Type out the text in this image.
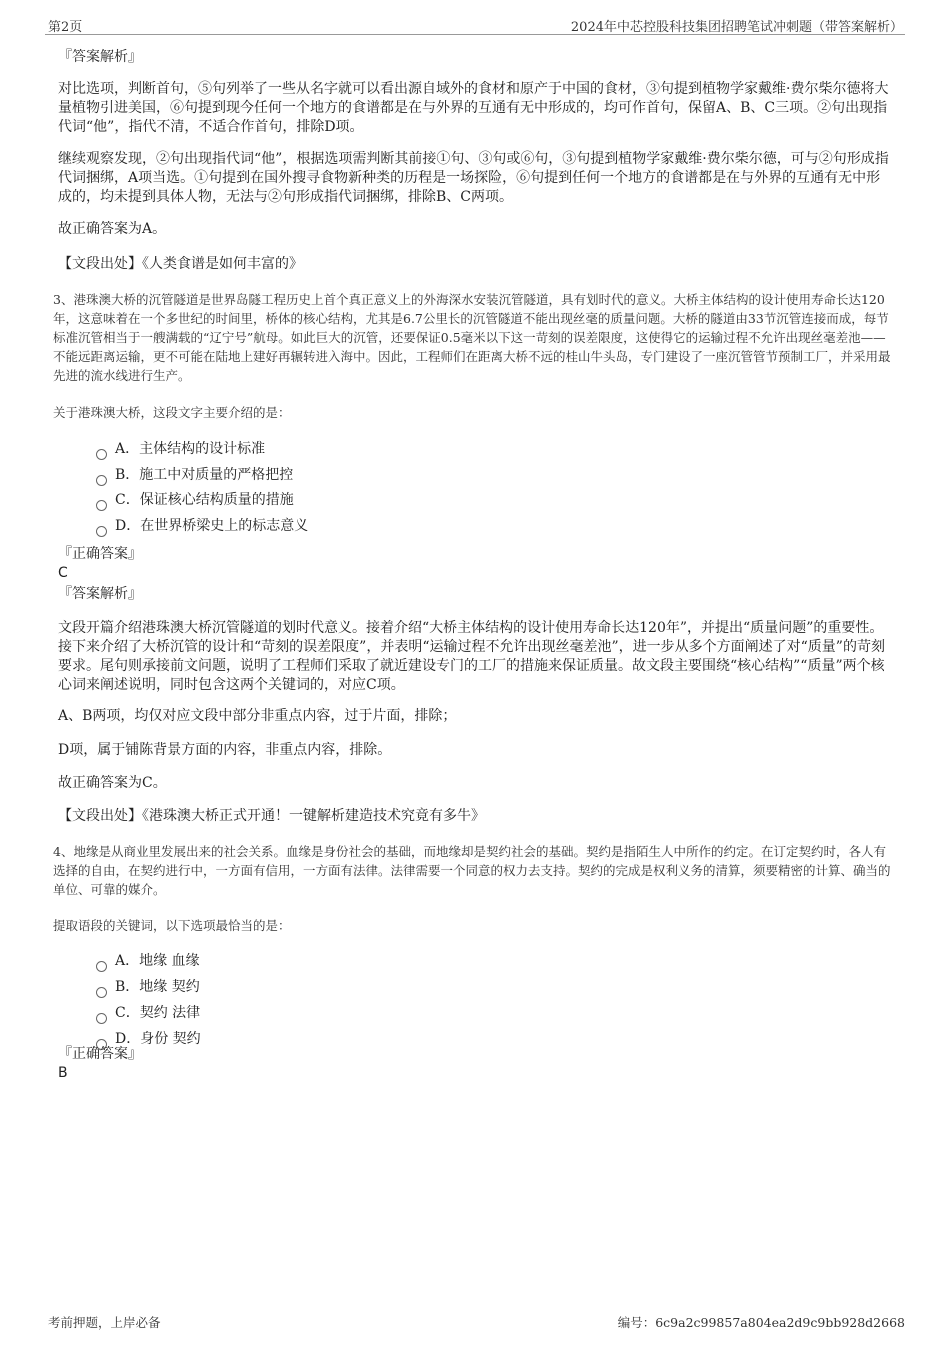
第2页	2024年中芯控股科技集团招聘笔试冲刺题（带答案解析）
『答案解析』
对比选项，判断首句，⑤句列举了一些从名字就可以看出源自域外的食材和原产于中国的食材，③句提到植物学家戴维·费尔柴尔德将大量植物引进美国，⑥句提到现今任何一个地方的食谱都是在与外界的互通有无中形成的，均可作首句，保留A、B、C三项。②句出现指代词“他”，指代不清，不适合作首句，排除D项。
继续观察发现，②句出现指代词“他”，根据选项需判断其前接①句、③句或⑥句，③句提到植物学家戴维·费尔柴尔德，可与②句形成指代词捆绑，A项当选。①句提到在国外搜寻食物新种类的历程是一场探险，⑥句提到任何一个地方的食谱都是在与外界的互通有无中形成的，均未提到具体人物，无法与②句形成指代词捆绑，排除B、C两项。
故正确答案为A。
【文段出处】《人类食谱是如何丰富的》
3、港珠澳大桥的沉管隧道是世界岛隧工程历史上首个真正意义上的外海深水安装沉管隧道，具有划时代的意义。大桥主体结构的设计使用寿命长达120年，这意味着在一个多世纪的时间里，桥体的核心结构，尤其是6.7公里长的沉管隧道不能出现丝毫的质量问题。大桥的隧道由33节沉管连接而成，每节标准沉管相当于一艘满载的“辽宁号”航母。如此巨大的沉管，还要保证0.5毫米以下这一苛刻的误差限度，这使得它的运输过程不允许出现丝毫差池——不能远距离运输，更不可能在陆地上建好再辗转进入海中。因此，工程师们在距离大桥不远的桂山牛头岛，专门建设了一座沉管管节预制工厂，并采用最先进的流水线进行生产。
关于港珠澳大桥，这段文字主要介绍的是：
A．主体结构的设计标准
B．施工中对质量的严格把控
C．保证核心结构质量的措施
D．在世界桥梁史上的标志意义
『正确答案』
C
『答案解析』
文段开篇介绍港珠澳大桥沉管隧道的划时代意义。接着介绍“大桥主体结构的设计使用寿命长达120年”，并提出“质量问题”的重要性。接下来介绍了大桥沉管的设计和“苛刻的误差限度”，并表明“运输过程不允许出现丝毫差池”，进一步从多个方面阐述了对“质量”的苛刻要求。尾句则承接前文问题，说明了工程师们采取了就近建设专门的工厂的措施来保证质量。故文段主要围绕“核心结构”“质量”两个核心词来阐述说明，同时包含这两个关键词的，对应C项。
A、B两项，均仅对应文段中部分非重点内容，过于片面，排除；
D项，属于铺陈背景方面的内容，非重点内容，排除。
故正确答案为C。
【文段出处】《港珠澳大桥正式开通！一键解析建造技术究竟有多牛》
4、地缘是从商业里发展出来的社会关系。血缘是身份社会的基础，而地缘却是契约社会的基础。契约是指陌生人中所作的约定。在订定契约时，各人有选择的自由，在契约进行中，一方面有信用，一方面有法律。法律需要一个同意的权力去支持。契约的完成是权利义务的清算，须要精密的计算、确当的单位、可靠的媒介。
提取语段的关键词，以下选项最恰当的是：
A．地缘 血缘
B．地缘 契约
C．契约 法律
D．身份 契约
『正确答案』
B
考前押题，上岸必备	编号：6c9a2c99857a804ea2d9c9bb928d2668
